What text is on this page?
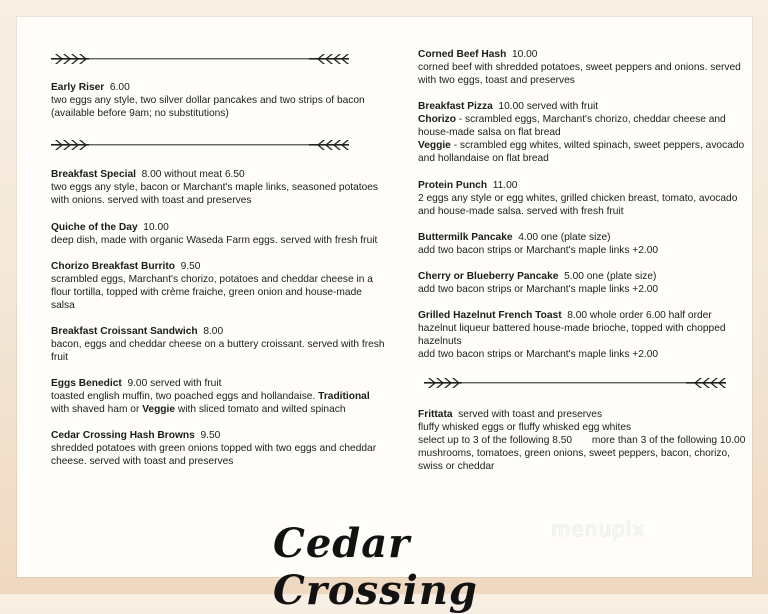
Early Riser 6.00
two eggs any style, two silver dollar pancakes and two strips of bacon (available before 9am; no substitutions)
Breakfast Special 8.00 without meat 6.50
two eggs any style, bacon or Marchant's maple links, seasoned potatoes with onions. served with toast and preserves
Quiche of the Day 10.00
deep dish, made with organic Waseda Farm eggs. served with fresh fruit
Chorizo Breakfast Burrito 9.50
scrambled eggs, Marchant's chorizo, potatoes and cheddar cheese in a flour tortilla, topped with crème fraiche, green onion and house-made salsa
Breakfast Croissant Sandwich 8.00
bacon, eggs and cheddar cheese on a buttery croissant. served with fresh fruit
Eggs Benedict 9.00 served with fruit
toasted english muffin, two poached eggs and hollandaise. Traditional with shaved ham or Veggie with sliced tomato and wilted spinach
Cedar Crossing Hash Browns 9.50
shredded potatoes with green onions topped with two eggs and cheddar cheese. served with toast and preserves
Corned Beef Hash 10.00
corned beef with shredded potatoes, sweet peppers and onions. served with two eggs, toast and preserves
Breakfast Pizza 10.00 served with fruit
Chorizo - scrambled eggs, Marchant's chorizo, cheddar cheese and house-made salsa on flat bread
Veggie - scrambled egg whites, wilted spinach, sweet peppers, avocado and hollandaise on flat bread
Protein Punch 11.00
2 eggs any style or egg whites, grilled chicken breast, tomato, avocado and house-made salsa. served with fresh fruit
Buttermilk Pancake 4.00 one (plate size)
add two bacon strips or Marchant's maple links +2.00
Cherry or Blueberry Pancake 5.00 one (plate size)
add two bacon strips or Marchant's maple links +2.00
Grilled Hazelnut French Toast 8.00 whole order 6.00 half order
hazelnut liqueur battered house-made brioche, topped with chopped hazelnuts
add two bacon strips or Marchant's maple links +2.00
Frittata served with toast and preserves
fluffy whisked eggs or fluffy whisked egg whites
select up to 3 of the following 8.50 more than 3 of the following 10.00
mushrooms, tomatoes, green onions, sweet peppers, bacon, chorizo, swiss or cheddar
Cedar Crossing
menupix
